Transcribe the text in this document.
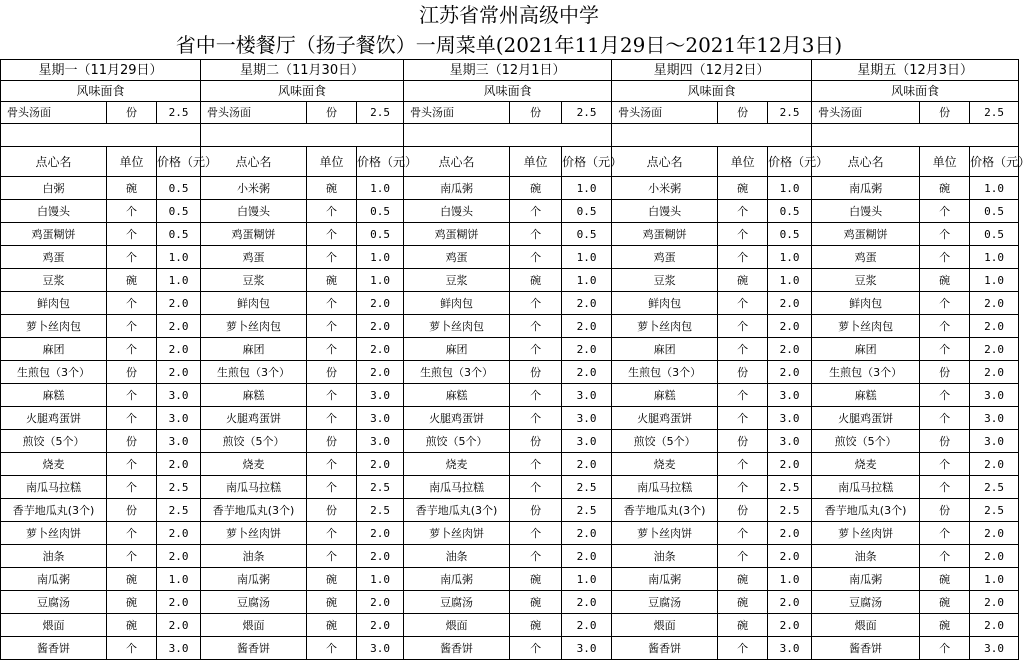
江苏省常州高级中学
省中一楼餐厅（扬子餐饮）一周菜单(2021年11月29日～2021年12月3日)
星期一（11月29日）			星期二（11月30日）			星期三（12月1日）			星期四（12月2日）			星期五（12月3日）		
风味面食			风味面食			风味面食			风味面食			风味面食		
骨头汤面	份	2.5	骨头汤面	份	2.5	骨头汤面	份	2.5	骨头汤面	份	2.5	骨头汤面	份	2.5

点心名	单位	价格（元）	点心名	单位	价格（元）	点心名	单位	价格（元）	点心名	单位	价格（元）	点心名	单位	价格（元）
白粥	碗	0.5	小米粥	碗	1.0	南瓜粥	碗	1.0	小米粥	碗	1.0	南瓜粥	碗	1.0
白馒头	个	0.5	白馒头	个	0.5	白馒头	个	0.5	白馒头	个	0.5	白馒头	个	0.5
鸡蛋糊饼	个	0.5	鸡蛋糊饼	个	0.5	鸡蛋糊饼	个	0.5	鸡蛋糊饼	个	0.5	鸡蛋糊饼	个	0.5
鸡蛋	个	1.0	鸡蛋	个	1.0	鸡蛋	个	1.0	鸡蛋	个	1.0	鸡蛋	个	1.0
豆浆	碗	1.0	豆浆	碗	1.0	豆浆	碗	1.0	豆浆	碗	1.0	豆浆	碗	1.0
鲜肉包	个	2.0	鲜肉包	个	2.0	鲜肉包	个	2.0	鲜肉包	个	2.0	鲜肉包	个	2.0
萝卜丝肉包	个	2.0	萝卜丝肉包	个	2.0	萝卜丝肉包	个	2.0	萝卜丝肉包	个	2.0	萝卜丝肉包	个	2.0
麻团	个	2.0	麻团	个	2.0	麻团	个	2.0	麻团	个	2.0	麻团	个	2.0
生煎包（3个）	份	2.0	生煎包（3个）	份	2.0	生煎包（3个）	份	2.0	生煎包（3个）	份	2.0	生煎包（3个）	份	2.0
麻糕	个	3.0	麻糕	个	3.0	麻糕	个	3.0	麻糕	个	3.0	麻糕	个	3.0
火腿鸡蛋饼	个	3.0	火腿鸡蛋饼	个	3.0	火腿鸡蛋饼	个	3.0	火腿鸡蛋饼	个	3.0	火腿鸡蛋饼	个	3.0
煎饺（5个）	份	3.0	煎饺（5个）	份	3.0	煎饺（5个）	份	3.0	煎饺（5个）	份	3.0	煎饺（5个）	份	3.0
烧麦	个	2.0	烧麦	个	2.0	烧麦	个	2.0	烧麦	个	2.0	烧麦	个	2.0
南瓜马拉糕	个	2.5	南瓜马拉糕	个	2.5	南瓜马拉糕	个	2.5	南瓜马拉糕	个	2.5	南瓜马拉糕	个	2.5
香芋地瓜丸(3个)	份	2.5	香芋地瓜丸(3个)	份	2.5	香芋地瓜丸(3个)	份	2.5	香芋地瓜丸(3个)	份	2.5	香芋地瓜丸(3个)	份	2.5
萝卜丝肉饼	个	2.0	萝卜丝肉饼	个	2.0	萝卜丝肉饼	个	2.0	萝卜丝肉饼	个	2.0	萝卜丝肉饼	个	2.0
油条	个	2.0	油条	个	2.0	油条	个	2.0	油条	个	2.0	油条	个	2.0
南瓜粥	碗	1.0	南瓜粥	碗	1.0	南瓜粥	碗	1.0	南瓜粥	碗	1.0	南瓜粥	碗	1.0
豆腐汤	碗	2.0	豆腐汤	碗	2.0	豆腐汤	碗	2.0	豆腐汤	碗	2.0	豆腐汤	碗	2.0
煨面	碗	2.0	煨面	碗	2.0	煨面	碗	2.0	煨面	碗	2.0	煨面	碗	2.0
酱香饼	个	3.0	酱香饼	个	3.0	酱香饼	个	3.0	酱香饼	个	3.0	酱香饼	个	3.0
